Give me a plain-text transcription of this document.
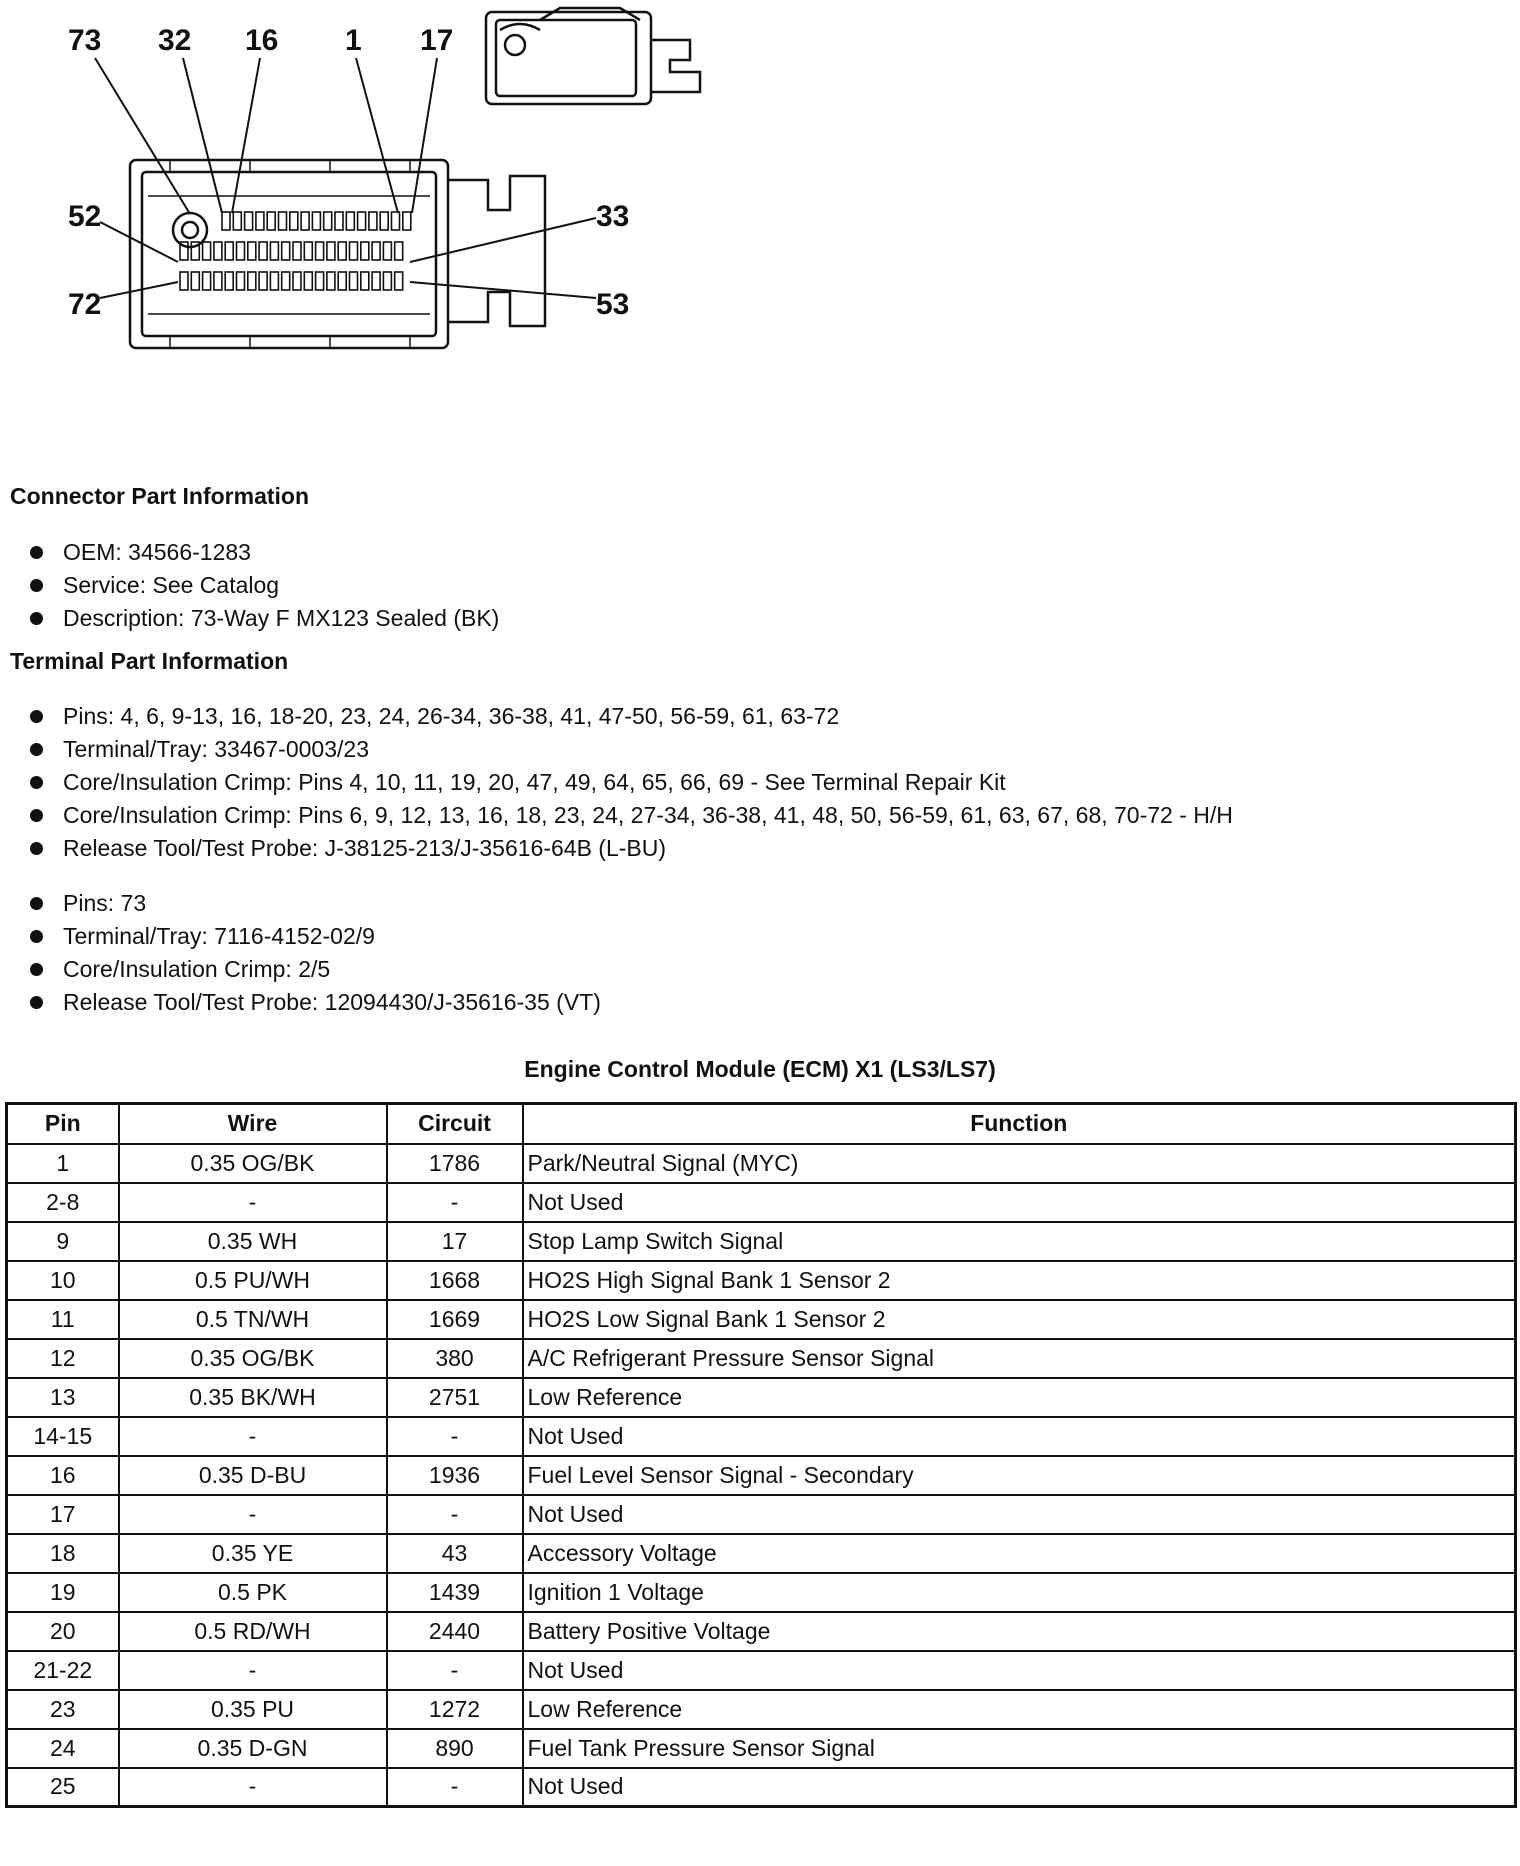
73 32 16 1 17
52
72
33
53
Connector Part Information
OEM: 34566-1283
Service: See Catalog
Description: 73-Way F MX123 Sealed (BK)
Terminal Part Information
Pins: 4, 6, 9-13, 16, 18-20, 23, 24, 26-34, 36-38, 41, 47-50, 56-59, 61, 63-72
Terminal/Tray: 33467-0003/23
Core/Insulation Crimp: Pins 4, 10, 11, 19, 20, 47, 49, 64, 65, 66, 69 - See Terminal Repair Kit
Core/Insulation Crimp: Pins 6, 9, 12, 13, 16, 18, 23, 24, 27-34, 36-38, 41, 48, 50, 56-59, 61, 63, 67, 68, 70-72 - H/H
Release Tool/Test Probe: J-38125-213/J-35616-64B (L-BU)
Pins: 73
Terminal/Tray: 7116-4152-02/9
Core/Insulation Crimp: 2/5
Release Tool/Test Probe: 12094430/J-35616-35 (VT)
Engine Control Module (ECM) X1 (LS3/LS7)
Pin	Wire	Circuit	Function
1	0.35 OG/BK	1786	Park/Neutral Signal (MYC)
2-8	-	-	Not Used
9	0.35 WH	17	Stop Lamp Switch Signal
10	0.5 PU/WH	1668	HO2S High Signal Bank 1 Sensor 2
11	0.5 TN/WH	1669	HO2S Low Signal Bank 1 Sensor 2
12	0.35 OG/BK	380	A/C Refrigerant Pressure Sensor Signal
13	0.35 BK/WH	2751	Low Reference
14-15	-	-	Not Used
16	0.35 D-BU	1936	Fuel Level Sensor Signal - Secondary
17	-	-	Not Used
18	0.35 YE	43	Accessory Voltage
19	0.5 PK	1439	Ignition 1 Voltage
20	0.5 RD/WH	2440	Battery Positive Voltage
21-22	-	-	Not Used
23	0.35 PU	1272	Low Reference
24	0.35 D-GN	890	Fuel Tank Pressure Sensor Signal
25	-	-	Not Used
